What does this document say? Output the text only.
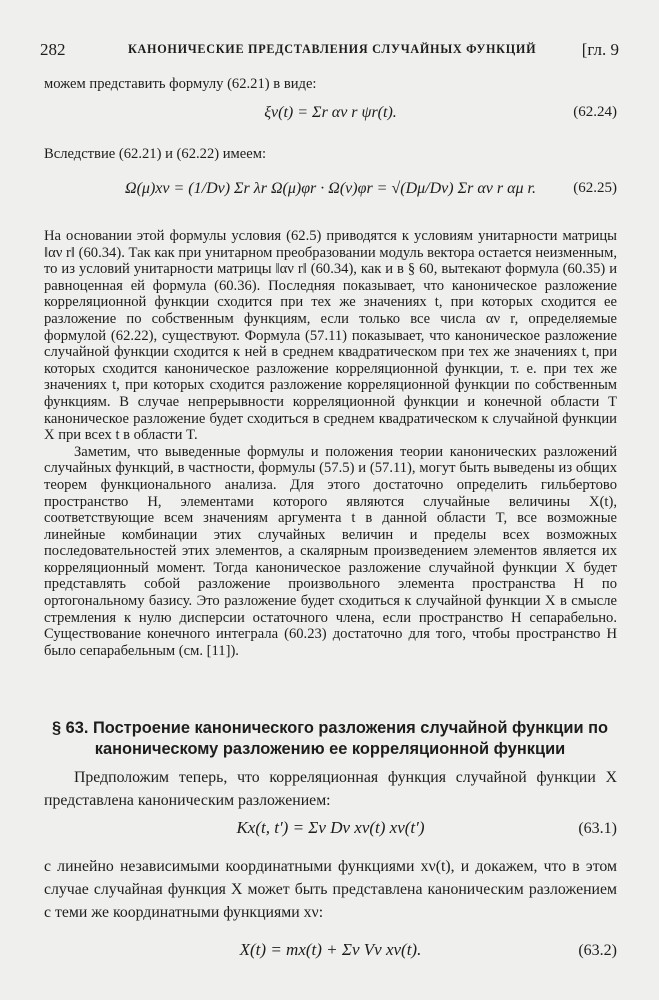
282	КАНОНИЧЕСКИЕ ПРЕДСТАВЛЕНИЯ СЛУЧАЙНЫХ ФУНКЦИЙ	[гл. 9
можем представить формулу (62.21) в виде:
ξν(t) = Σr αν r ψr(t).	(62.24)
Вследствие (62.21) и (62.22) имеем:
Ω(μ)xν = (1/Dν) Σr λr Ω(μ)φr · Ω(ν)φr = √(Dμ/Dν) Σr αν r αμ r.	(62.25)

На основании этой формулы условия (62.5) приводятся к условиям унитарности матрицы ‖αν r‖ (60.34). Так как при унитарном преобразовании модуль вектора остается неизменным, то из условий унитарности матрицы ‖αν r‖ (60.34), как и в § 60, вытекают формула (60.35) и равноценная ей формула (60.36). Последняя показывает, что каноническое разложение корреляционной функции сходится при тех же значениях t, при которых сходится ее разложение по собственным функциям, если только все числа αν r, определяемые формулой (62.22), существуют. Формула (57.11) показывает, что каноническое разложение случайной функции сходится к ней в среднем квадратическом при тех же значениях t, при которых сходится каноническое разложение корреляционной функции, т. е. при тех же значениях t, при которых сходится разложение корреляционной функции по собственным функциям. В случае непрерывности корреляционной функции и конечной области T каноническое разложение будет сходиться в среднем квадратическом к случайной функции X при всех t в области T.

Заметим, что выведенные формулы и положения теории канонических разложений случайных функций, в частности, формулы (57.5) и (57.11), могут быть выведены из общих теорем функционального анализа. Для этого достаточно определить гильбертово пространство H, элементами которого являются случайные величины X(t), соответствующие всем значениям аргумента t в данной области T, все возможные линейные комбинации этих случайных величин и пределы всех возможных последовательностей этих элементов, а скалярным произведением элементов является их корреляционный момент. Тогда каноническое разложение случайной функции X будет представлять собой разложение произвольного элемента пространства H по ортогональному базису. Это разложение будет сходиться к случайной функции X в смысле стремления к нулю дисперсии остаточного члена, если пространство H сепарабельно. Существование конечного интеграла (60.23) достаточно для того, чтобы пространство H было сепарабельным (см. [11]).

§ 63. Построение канонического разложения случайной функции по каноническому разложению ее корреляционной функции
Предположим теперь, что корреляционная функция случайной функции X представлена каноническим разложением:
Kx(t, t′) = Σν Dν xν(t) xν(t′)	(63.1)
с линейно независимыми координатными функциями xν(t), и докажем, что в этом случае случайная функция X может быть представлена каноническим разложением с теми же координатными функциями xν:
X(t) = mx(t) + Σν Vν xν(t).	(63.2)
